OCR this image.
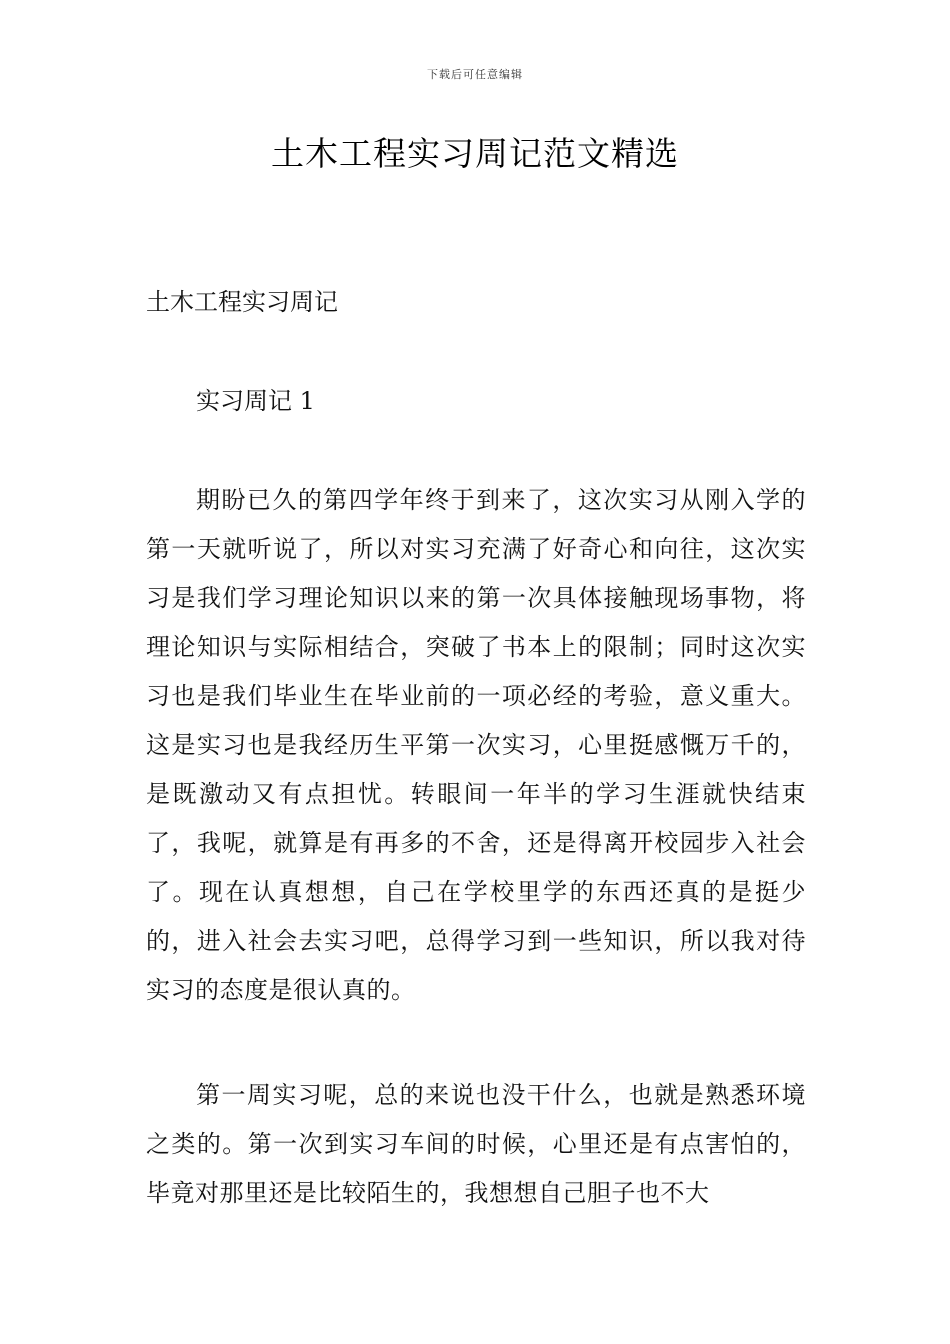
下载后可任意编辑
土木工程实习周记范文精选
土木工程实习周记
实习周记 1

期盼已久的第四学年终于到来了，这次实习从刚入学的第一天就听说了，所以对实习充满了好奇心和向往，这次实习是我们学习理论知识以来的第一次具体接触现场事物，将理论知识与实际相结合，突破了书本上的限制；同时这次实习也是我们毕业生在毕业前的一项必经的考验，意义重大。这是实习也是我经历生平第一次实习，心里挺感慨万千的，是既激动又有点担忧。转眼间一年半的学习生涯就快结束了，我呢，就算是有再多的不舍，还是得离开校园步入社会了。现在认真想想，自己在学校里学的东西还真的是挺少的，进入社会去实习吧，总得学习到一些知识，所以我对待实习的态度是很认真的。

第一周实习呢，总的来说也没干什么，也就是熟悉环境之类的。第一次到实习车间的时候，心里还是有点害怕的，毕竟对那里还是比较陌生的，我想想自己胆子也不大
